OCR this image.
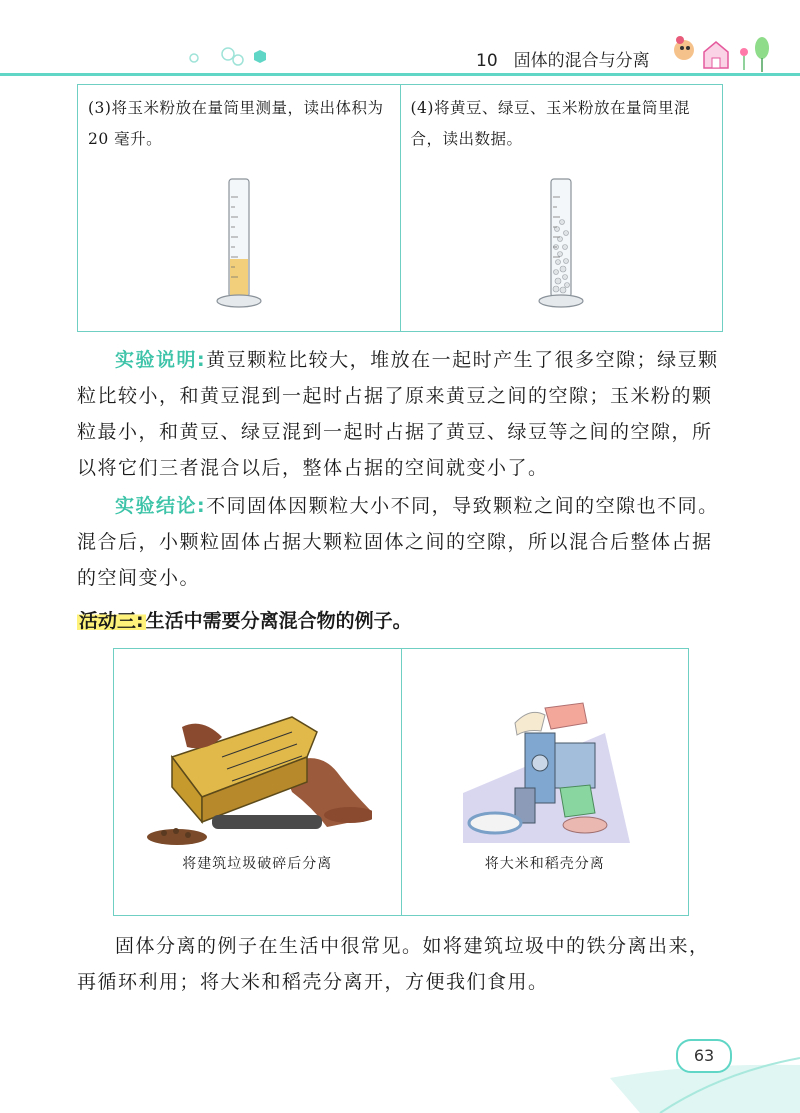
10 固体的混合与分离
(3)将玉米粉放在量筒里测量，读出体积为 20 毫升。
(4)将黄豆、绿豆、玉米粉放在量筒里混合，读出数据。
实验说明:黄豆颗粒比较大，堆放在一起时产生了很多空隙；绿豆颗粒比较小，和黄豆混到一起时占据了原来黄豆之间的空隙；玉米粉的颗粒最小，和黄豆、绿豆混到一起时占据了黄豆、绿豆等之间的空隙，所以将它们三者混合以后，整体占据的空间就变小了。
实验结论:不同固体因颗粒大小不同，导致颗粒之间的空隙也不同。混合后，小颗粒固体占据大颗粒固体之间的空隙，所以混合后整体占据的空间变小。
活动三: 生活中需要分离混合物的例子。
将建筑垃圾破碎后分离	将大米和稻壳分离
固体分离的例子在生活中很常见。如将建筑垃圾中的铁分离出来，再循环利用；将大米和稻壳分离开，方便我们食用。
63
